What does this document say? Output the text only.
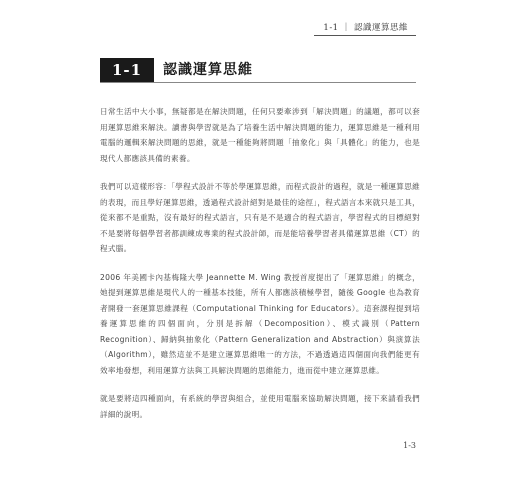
1-1 ｜ 認識運算思維
1-1	認識運算思維

日常生活中大小事，無疑都是在解決問題，任何只要牽涉到「解決問題」的議題，都可以套用運算思維來解決。讀書與學習就是為了培養生活中解決問題的能力，運算思維是一種利用電腦的邏輯來解決問題的思維，就是一種能夠將問題「抽象化」與「具體化」的能力，也是現代人都應該具備的素養。

我們可以這樣形容：「學程式設計不等於學運算思維，而程式設計的過程，就是一種運算思維的表現，而且學好運算思維，透過程式設計絕對是最佳的途徑」，程式語言本來就只是工具，從來都不是重點，沒有最好的程式語言，只有是不是適合的程式語言，學習程式的目標絕對不是要將每個學習者都訓練成專業的程式設計師，而是能培養學習者具備運算思維（CT）的程式腦。

2006 年美國卡內基梅隆大學 Jeannette M. Wing 教授首度提出了「運算思維」的概念，她提到運算思維是現代人的一種基本技能，所有人都應該積極學習，隨後 Google 也為教育者開發一套運算思維課程（Computational Thinking for Educators）。這套課程提到培養運算思維的四個面向，分別是拆解（Decomposition）、模式識別（Pattern Recognition）、歸納與抽象化（Pattern Generalization and Abstraction）與演算法（Algorithm），雖然這並不是建立運算思維唯一的方法，不過透過這四個面向我們能更有效率地發想，利用運算方法與工具解決問題的思維能力，進而從中建立運算思維。

就是要將這四種面向，有系統的學習與組合，並使用電腦來協助解決問題，接下來請看我們詳細的說明。

1-3
